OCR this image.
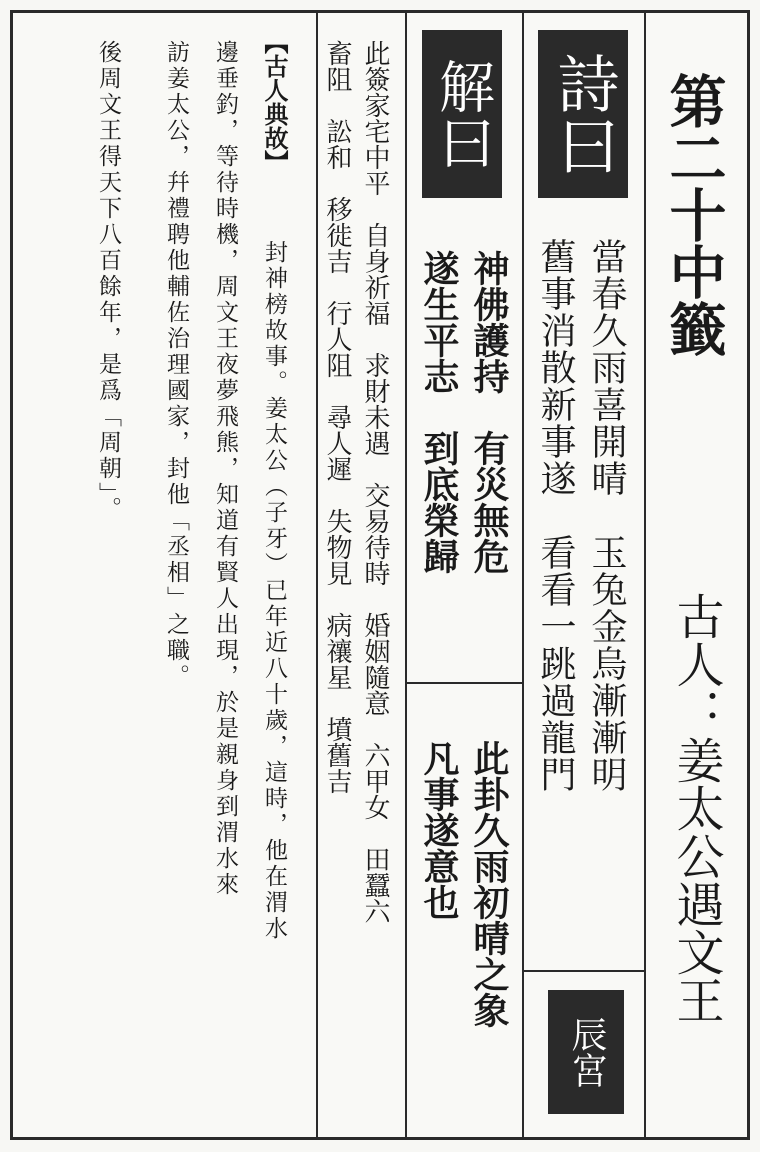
第二十中籤
古人：姜太公遇文王
詩曰
當春久雨喜開晴　玉兔金烏漸漸明
舊事消散新事遂　看看一跳過龍門
辰宮
解曰
神佛護持　有災無危
遂生平志　到底榮歸
此卦久雨初晴之象
凡事遂意也
此簽家宅中平　自身祈福　求財未遇　交易待時　婚姻隨意　六甲女　田蠶六
畜阻　訟和　移徙吉　行人阻　尋人遲　失物見　病禳星　墳舊吉
【古人典故】
封神榜故事。姜太公（子牙）已年近八十歲，這時，他在渭水
邊垂釣，等待時機，周文王夜夢飛熊，知道有賢人出現，於是親身到渭水來
訪姜太公，幷禮聘他輔佐治理國家，封他「丞相」之職。
後周文王得天下八百餘年，是爲「周朝」。
